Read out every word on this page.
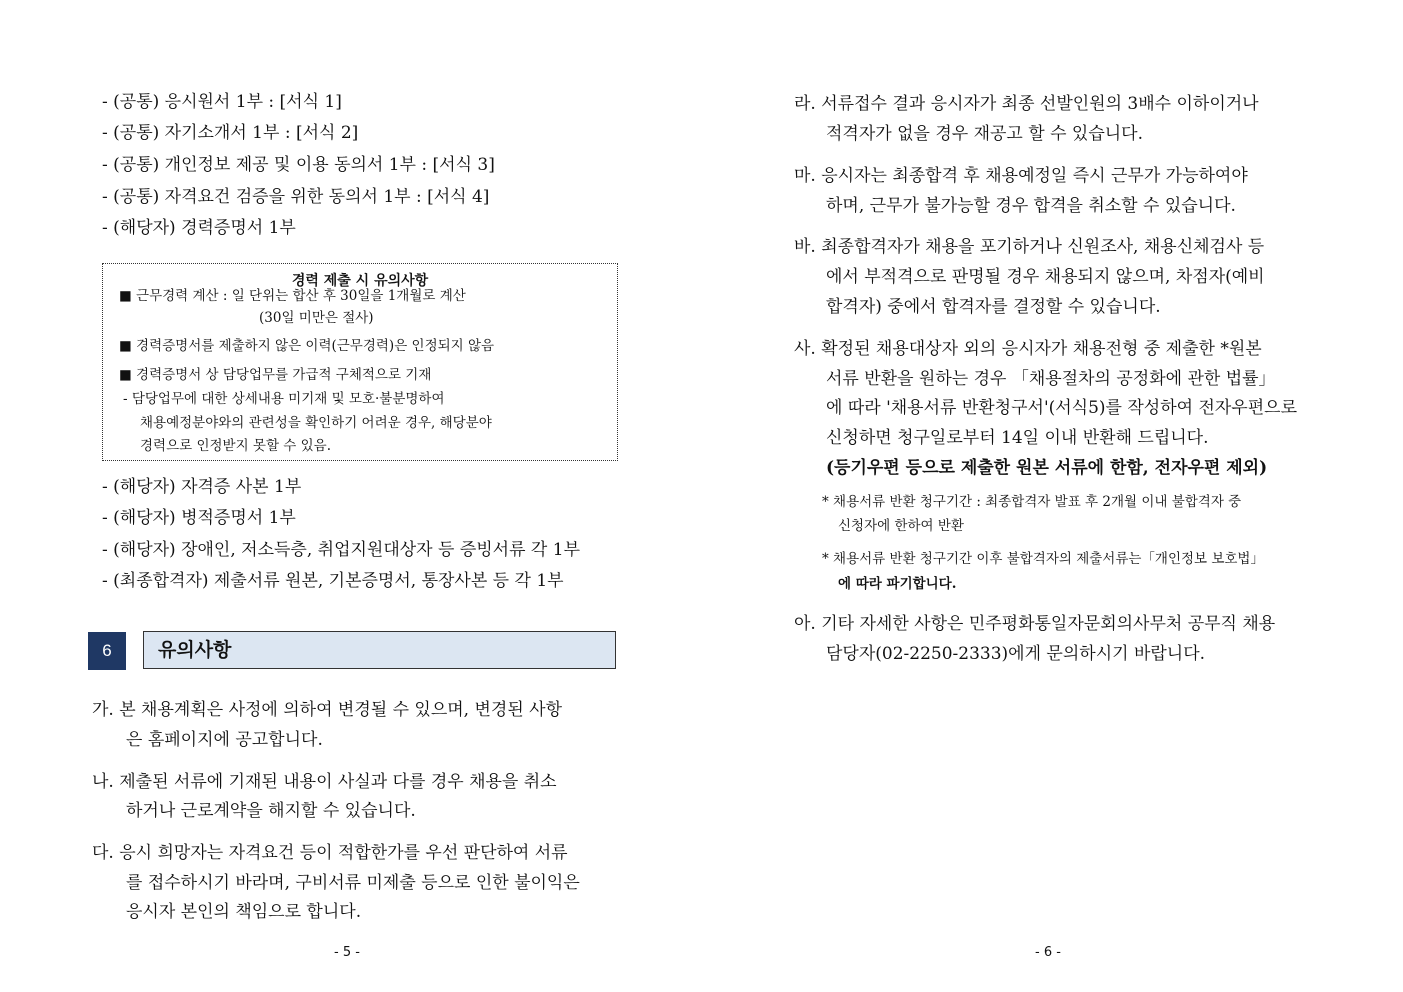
- (공통) 응시원서 1부 : [서식 1]
- (공통) 자기소개서 1부 : [서식 2]
- (공통) 개인정보 제공 및 이용 동의서 1부 : [서식 3]
- (공통) 자격요건 검증을 위한 동의서 1부 : [서식 4]
- (해당자) 경력증명서 1부
경력 제출 시 유의사항
■ 근무경력 계산 : 일 단위는 합산 후 30일을 1개월로 계산
(30일 미만은 절사)
■ 경력증명서를 제출하지 않은 이력(근무경력)은 인정되지 않음
■ 경력증명서 상 담당업무를 가급적 구체적으로 기재
- 담당업무에 대한 상세내용 미기재 및 모호·불분명하여
채용예정분야와의 관련성을 확인하기 어려운 경우, 해당분야
경력으로 인정받지 못할 수 있음.
- (해당자) 자격증 사본 1부
- (해당자) 병적증명서 1부
- (해당자) 장애인, 저소득층, 취업지원대상자 등 증빙서류 각 1부
- (최종합격자) 제출서류 원본, 기본증명서, 통장사본 등 각 1부
6	유의사항
가. 본 채용계획은 사정에 의하여 변경될 수 있으며, 변경된 사항
은 홈페이지에 공고합니다.
나. 제출된 서류에 기재된 내용이 사실과 다를 경우 채용을 취소
하거나 근로계약을 해지할 수 있습니다.
다. 응시 희망자는 자격요건 등이 적합한가를 우선 판단하여 서류
를 접수하시기 바라며, 구비서류 미제출 등으로 인한 불이익은
응시자 본인의 책임으로 합니다.
- 5 -
라. 서류접수 결과 응시자가 최종 선발인원의 3배수 이하이거나
적격자가 없을 경우 재공고 할 수 있습니다.
마. 응시자는 최종합격 후 채용예정일 즉시 근무가 가능하여야
하며, 근무가 불가능할 경우 합격을 취소할 수 있습니다.
바. 최종합격자가 채용을 포기하거나 신원조사, 채용신체검사 등
에서 부적격으로 판명될 경우 채용되지 않으며, 차점자(예비
합격자) 중에서 합격자를 결정할 수 있습니다.
사. 확정된 채용대상자 외의 응시자가 채용전형 중 제출한 *원본
서류 반환을 원하는 경우 「채용절차의 공정화에 관한 법률」
에 따라 '채용서류 반환청구서'(서식5)를 작성하여 전자우편으로
신청하면 청구일로부터 14일 이내 반환해 드립니다.
(등기우편 등으로 제출한 원본 서류에 한함, 전자우편 제외)
* 채용서류 반환 청구기간 : 최종합격자 발표 후 2개월 이내 불합격자 중
신청자에 한하여 반환
* 채용서류 반환 청구기간 이후 불합격자의 제출서류는「개인정보 보호법」
에 따라 파기합니다.
아. 기타 자세한 사항은 민주평화통일자문회의사무처 공무직 채용
담당자(02-2250-2333)에게 문의하시기 바랍니다.
- 6 -
